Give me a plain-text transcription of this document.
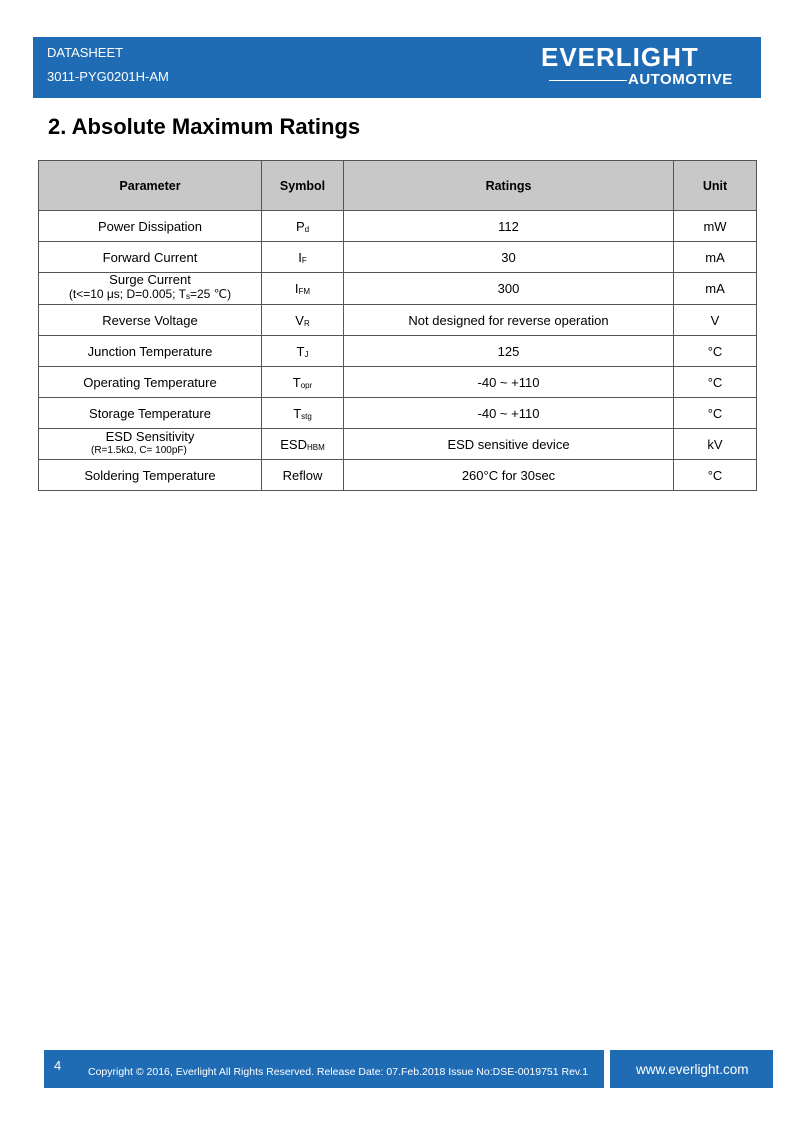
DATASHEET
3011-PYG0201H-AM
EVERLIGHT
AUTOMOTIVE
2. Absolute Maximum Ratings
Parameter	Symbol	Ratings	Unit
Power Dissipation	$P_d$	112	mW
Forward Current	$I_F$	30	mA

Surge Current
(t<=10 μs; D=0.005; $T_s=25$ ℃)	$I_{FM}$	300	mA
Reverse Voltage	$V_R$	Not designed for reverse operation	V
Junction Temperature	$T_J$	125	°C
Operating Temperature	$T_{opr}$	-40 ~ +110	°C
Storage Temperature	$T_{stg}$	-40 ~ +110	°C

ESD Sensitivity
(R=1.5kΩ, C= 100pF)	$ESD_{HBM}$	ESD sensitive device	kV
Soldering Temperature	Reflow	260°C for 30sec	°C
4	Copyright © 2016, Everlight All Rights Reserved. Release Date: 07.Feb.2018 Issue No:DSE-0019751 Rev.1	www.everlight.com
